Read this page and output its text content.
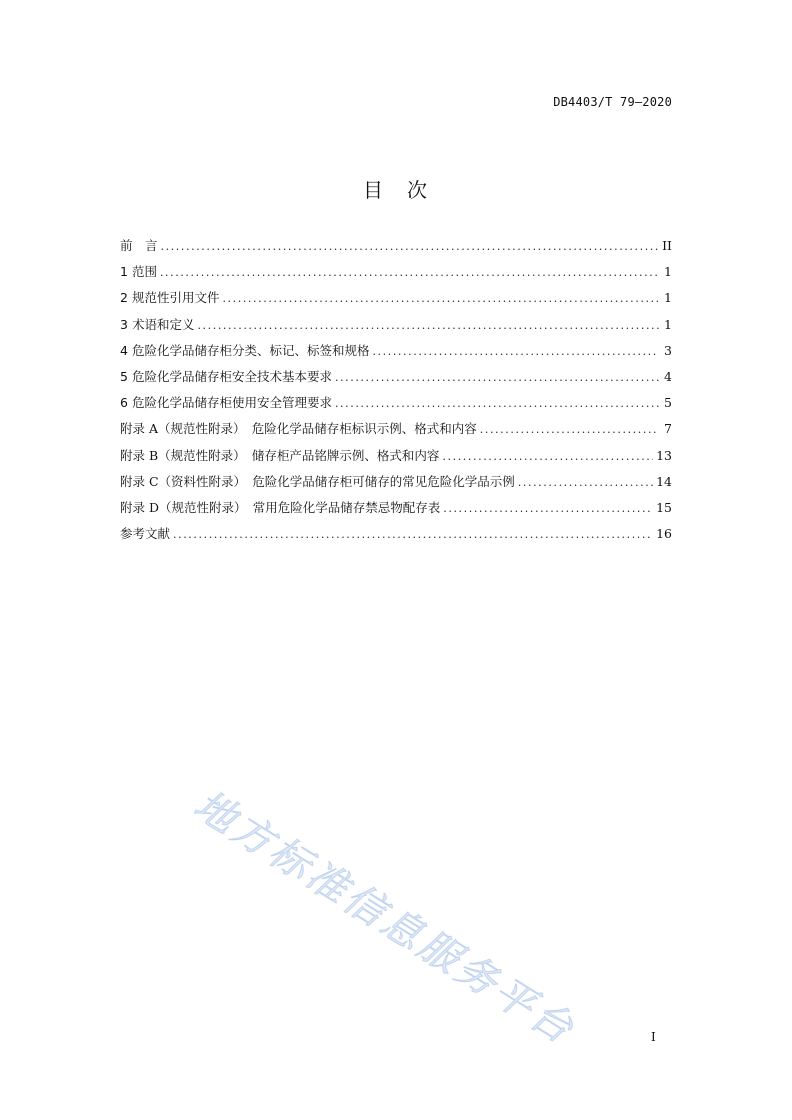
DB4403/T 79—2020
目　次
前　言 .....	II
1 范围 .....	1
2 规范性引用文件 .....	1
3 术语和定义 .....	1
4 危险化学品储存柜分类、标记、标签和规格 .....	3
5 危险化学品储存柜安全技术基本要求 .....	4
6 危险化学品储存柜使用安全管理要求 .....	5
附录 A（规范性附录）　危险化学品储存柜标识示例、格式和内容 .....	7
附录 B（规范性附录）　储存柜产品铭牌示例、格式和内容 .....	13
附录 C（资料性附录）　危险化学品储存柜可储存的常见危险化学品示例 .....	14
附录 D（规范性附录）　常用危险化学品储存禁忌物配存表 .....	15
参考文献 .....	16
地方标准信息服务平台	I
